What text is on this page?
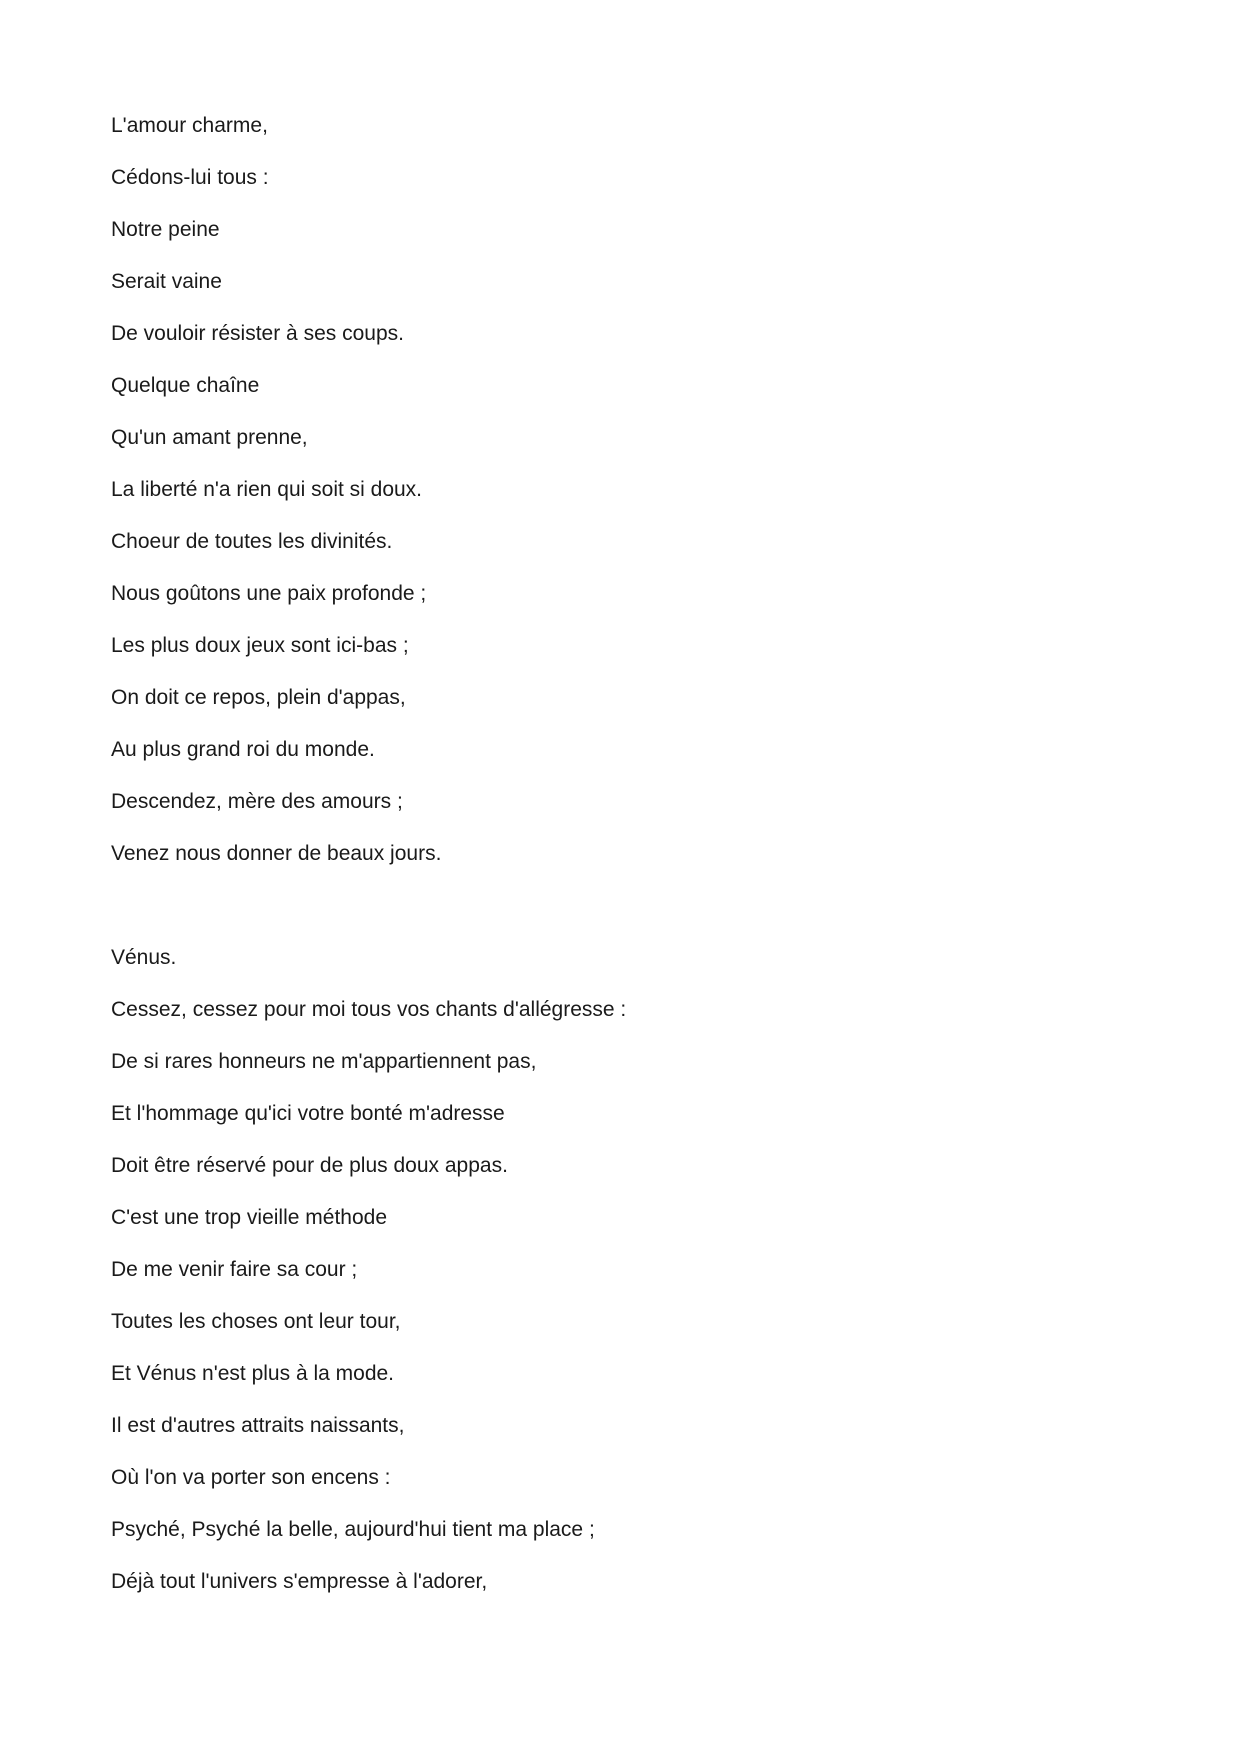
L'amour charme,
Cédons-lui tous :
Notre peine
Serait vaine
De vouloir résister à ses coups.
Quelque chaîne
Qu'un amant prenne,
La liberté n'a rien qui soit si doux.
Choeur de toutes les divinités.
Nous goûtons une paix profonde ;
Les plus doux jeux sont ici-bas ;
On doit ce repos, plein d'appas,
Au plus grand roi du monde.
Descendez, mère des amours ;
Venez nous donner de beaux jours.
Vénus.
Cessez, cessez pour moi tous vos chants d'allégresse :
De si rares honneurs ne m'appartiennent pas,
Et l'hommage qu'ici votre bonté m'adresse
Doit être réservé pour de plus doux appas.
C'est une trop vieille méthode
De me venir faire sa cour ;
Toutes les choses ont leur tour,
Et Vénus n'est plus à la mode.
Il est d'autres attraits naissants,
Où l'on va porter son encens :
Psyché, Psyché la belle, aujourd'hui tient ma place ;
Déjà tout l'univers s'empresse à l'adorer,
